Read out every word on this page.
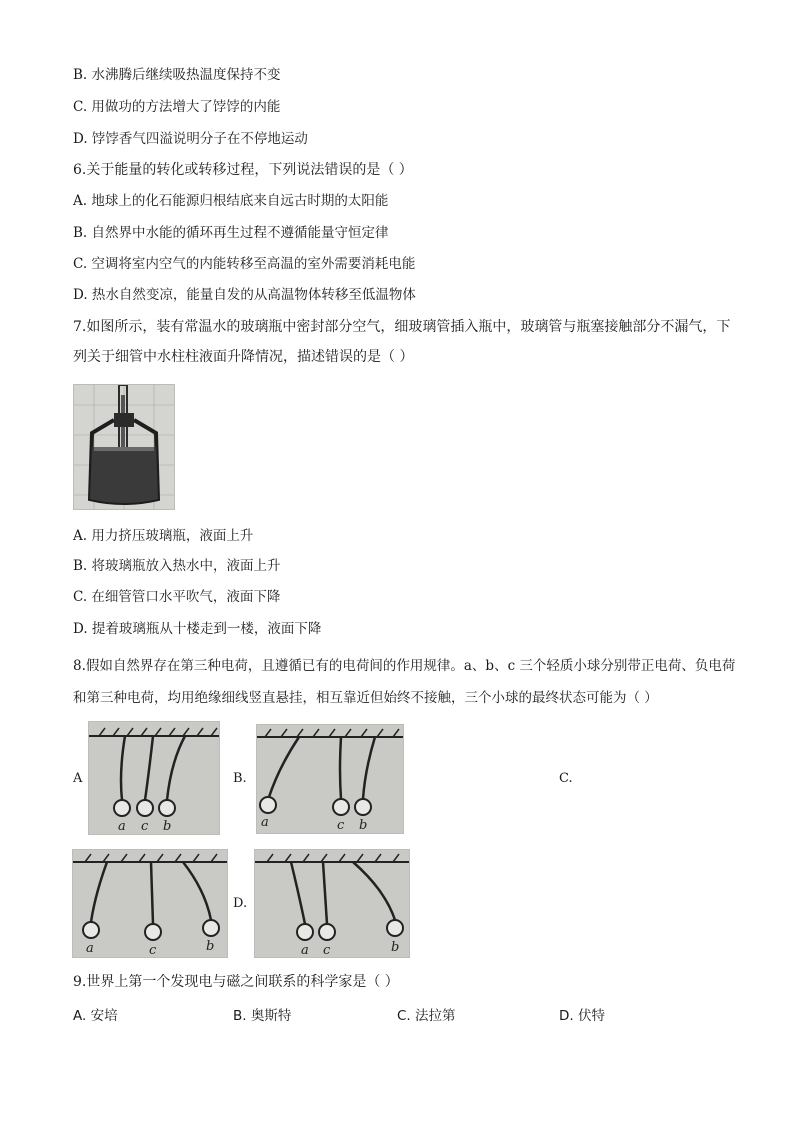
B. 水沸腾后继续吸热温度保持不变
C. 用做功的方法增大了饽饽的内能
D. 饽饽香气四溢说明分子在不停地运动
6.关于能量的转化或转移过程，下列说法错误的是（ ）
A. 地球上的化石能源归根结底来自远古时期的太阳能
B. 自然界中水能的循环再生过程不遵循能量守恒定律
C. 空调将室内空气的内能转移至高温的室外需要消耗电能
D. 热水自然变凉，能量自发的从高温物体转移至低温物体
7.如图所示，装有常温水的玻璃瓶中密封部分空气，细玻璃管插入瓶中，玻璃管与瓶塞接触部分不漏气，下
列关于细管中水柱柱液面升降情况，描述错误的是（ ）
A. 用力挤压玻璃瓶，液面上升
B. 将玻璃瓶放入热水中，液面上升
C. 在细管管口水平吹气，液面下降
D. 提着玻璃瓶从十楼走到一楼，液面下降
8.假如自然界存在第三种电荷，且遵循已有的电荷间的作用规律。a、b、c 三个轻质小球分别带正电荷、负电荷
和第三种电荷，均用绝缘细线竖直悬挂，相互靠近但始终不接触，三个小球的最终状态可能为（ ）
A
a c b
B.
a	c b
C.
a	c	b
D.
a c	b
9.世界上第一个发现电与磁之间联系的科学家是（ ）
A. 安培	B. 奥斯特	C. 法拉第	D. 伏特
